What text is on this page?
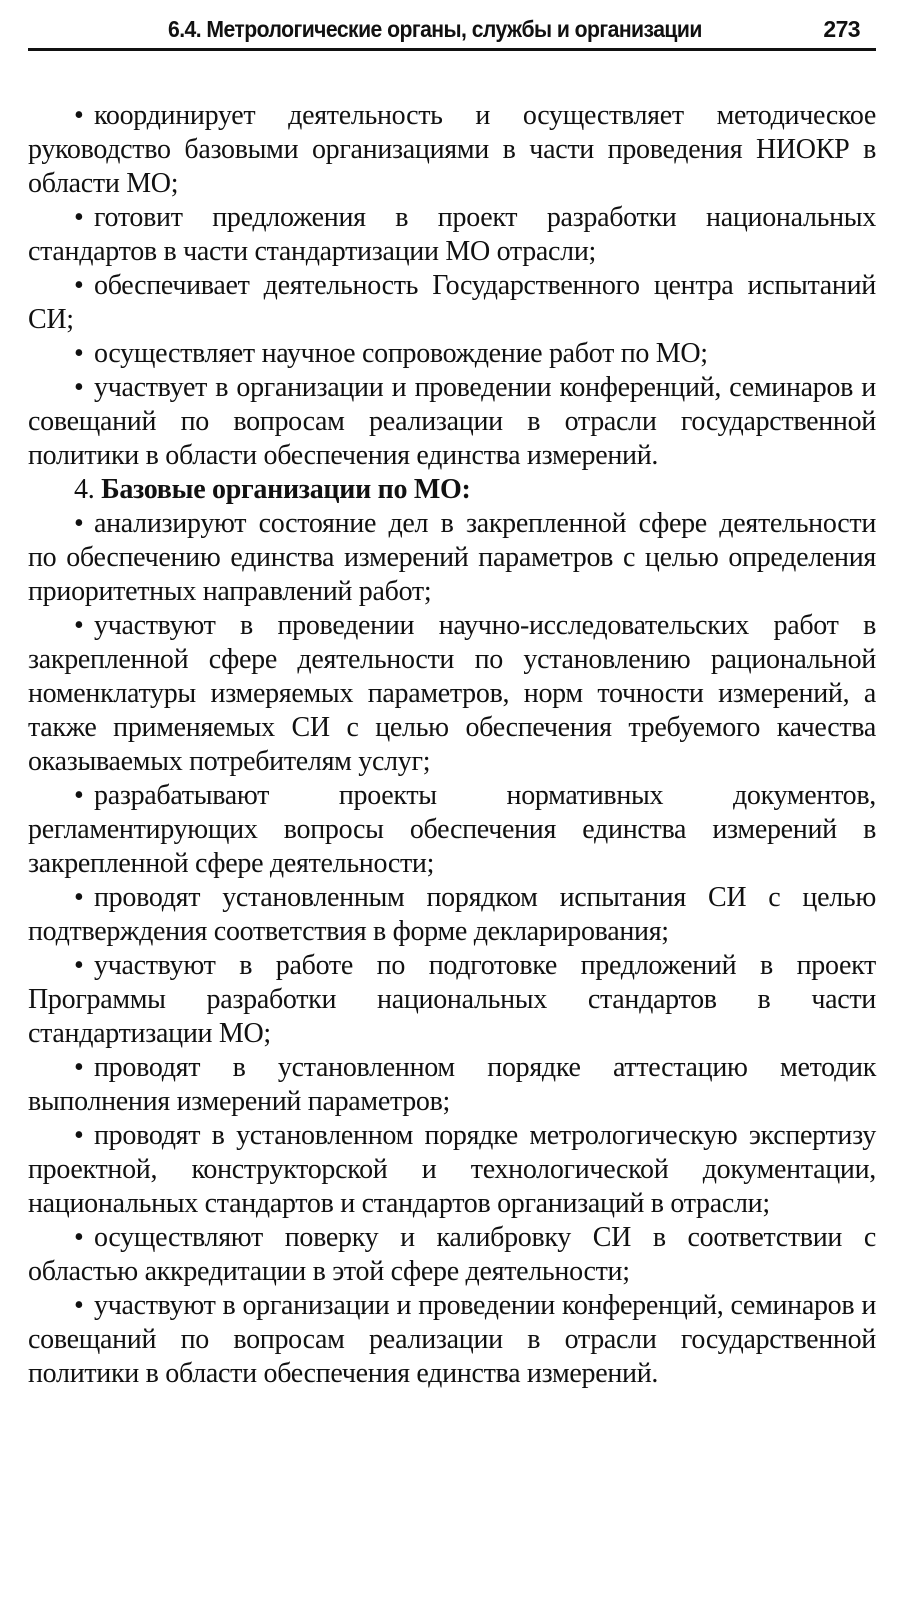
6.4. Метрологические органы, службы и организации	273

• координирует деятельность и осуществляет методическое руководство базовыми организациями в части проведения НИОКР в области МО;

• готовит предложения в проект разработки национальных стандартов в части стандартизации МО отрасли;

• обеспечивает деятельность Государственного центра испытаний СИ;

• осуществляет научное сопровождение работ по МО;

• участвует в организации и проведении конференций, семинаров и совещаний по вопросам реализации в отрасли государственной политики в области обеспечения единства измерений.

4. Базовые организации по МО:

• анализируют состояние дел в закрепленной сфере деятельности по обеспечению единства измерений параметров с целью определения приоритетных направлений работ;

• участвуют в проведении научно-исследовательских работ в закрепленной сфере деятельности по установлению рациональной номенклатуры измеряемых параметров, норм точности измерений, а также применяемых СИ с целью обеспечения требуемого качества оказываемых потребителям услуг;

• разрабатывают проекты нормативных документов, регламентирующих вопросы обеспечения единства измерений в закрепленной сфере деятельности;

• проводят установленным порядком испытания СИ с целью подтверждения соответствия в форме декларирования;

• участвуют в работе по подготовке предложений в проект Программы разработки национальных стандартов в части стандартизации МО;

• проводят в установленном порядке аттестацию методик выполнения измерений параметров;

• проводят в установленном порядке метрологическую экспертизу проектной, конструкторской и технологической документации, национальных стандартов и стандартов организаций в отрасли;

• осуществляют поверку и калибровку СИ в соответствии с областью аккредитации в этой сфере деятельности;

• участвуют в организации и проведении конференций, семинаров и совещаний по вопросам реализации в отрасли государственной политики в области обеспечения единства измерений.
